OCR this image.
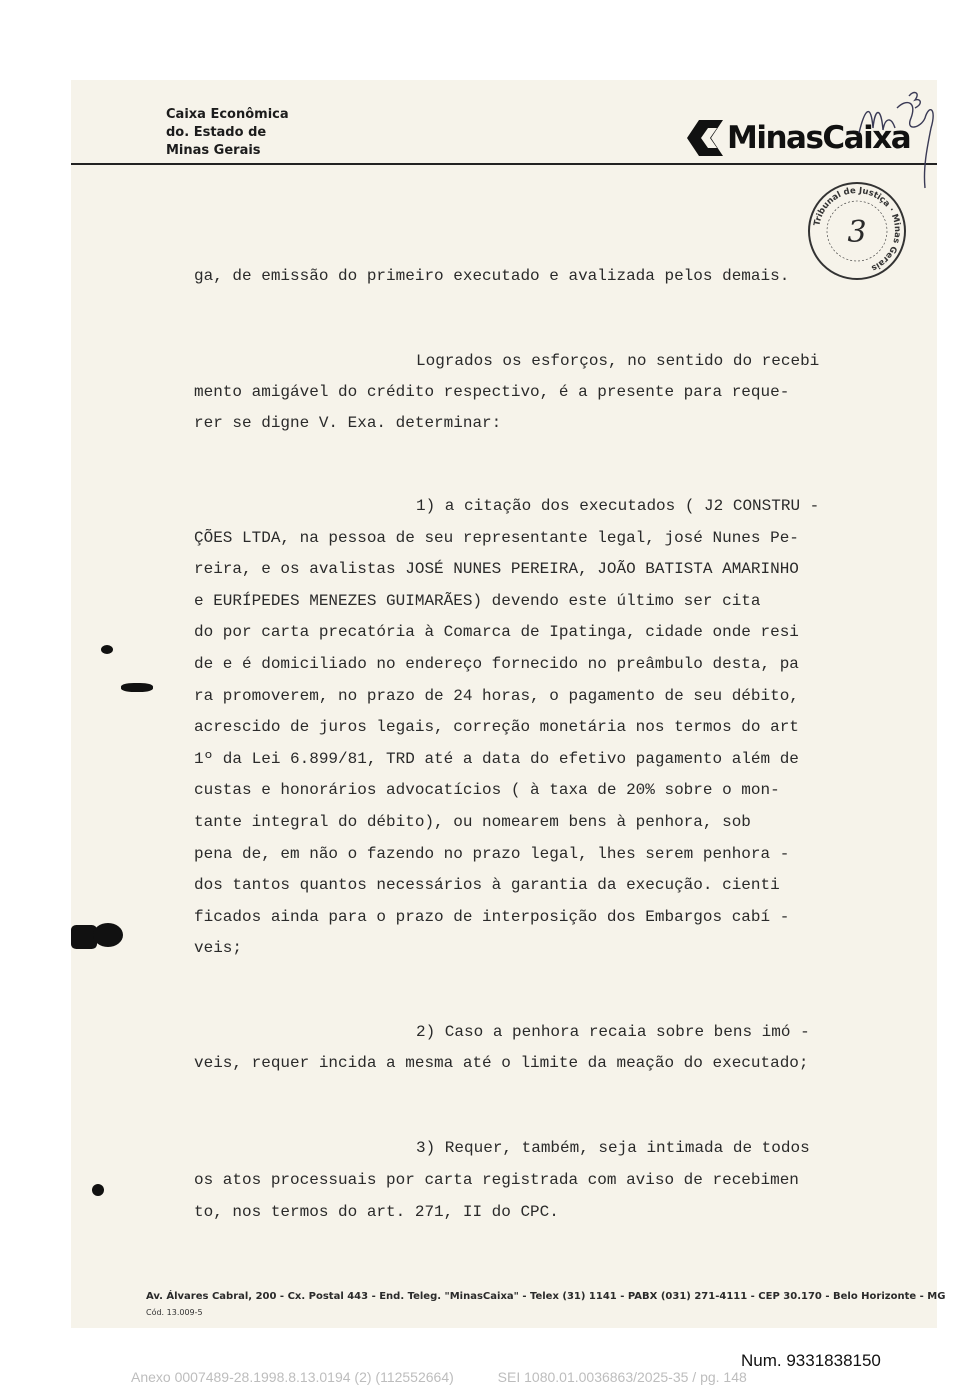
Caixa Econômica
do. Estado de
Minas Gerais	MinasCaixa
Tribunal de Justiça · Minas Gerais
3
ga, de emissão do primeiro executado e avalizada pelos demais.
Logrados os esforços, no sentido do recebi
mento amigável do crédito respectivo, é a presente para reque-
rer se digne V. Exa. determinar:
1) a citação dos executados ( J2 CONSTRU -
ÇÕES LTDA, na pessoa de seu representante legal, josé Nunes Pe-
reira, e os avalistas JOSÉ NUNES PEREIRA, JOÃO BATISTA AMARINHO
e EURÍPEDES MENEZES GUIMARÃES) devendo este último ser cita
do por carta precatória à Comarca de Ipatinga, cidade onde resi
de e é domiciliado no endereço fornecido no preâmbulo desta, pa
ra promoverem, no prazo de 24 horas, o pagamento de seu débito,
acrescido de juros legais, correção monetária nos termos do art
1º da Lei 6.899/81, TRD até a data do efetivo pagamento além de
custas e honorários advocatícios ( à taxa de 20% sobre o mon-
tante integral do débito), ou nomearem bens à penhora, sob
pena de, em não o fazendo no prazo legal, lhes serem penhora -
dos tantos quantos necessários à garantia da execução. cienti
ficados ainda para o prazo de interposição dos Embargos cabí -
veis;
2) Caso a penhora recaia sobre bens imó -
veis, requer incida a mesma até o limite da meação do executado;
3) Requer, também, seja intimada de todos
os atos processuais por carta registrada com aviso de recebimen
to, nos termos do art. 271, II do CPC.
Av. Álvares Cabral, 200 - Cx. Postal 443 - End. Teleg. "MinasCaixa" - Telex (31) 1141 - PABX (031) 271-4111 - CEP 30.170 - Belo Horizonte - MG
Cód. 13.009-5
Num. 9331838150
Anexo 0007489-28.1998.8.13.0194 (2) (112552664)	SEI 1080.01.0036863/2025-35 / pg. 148
